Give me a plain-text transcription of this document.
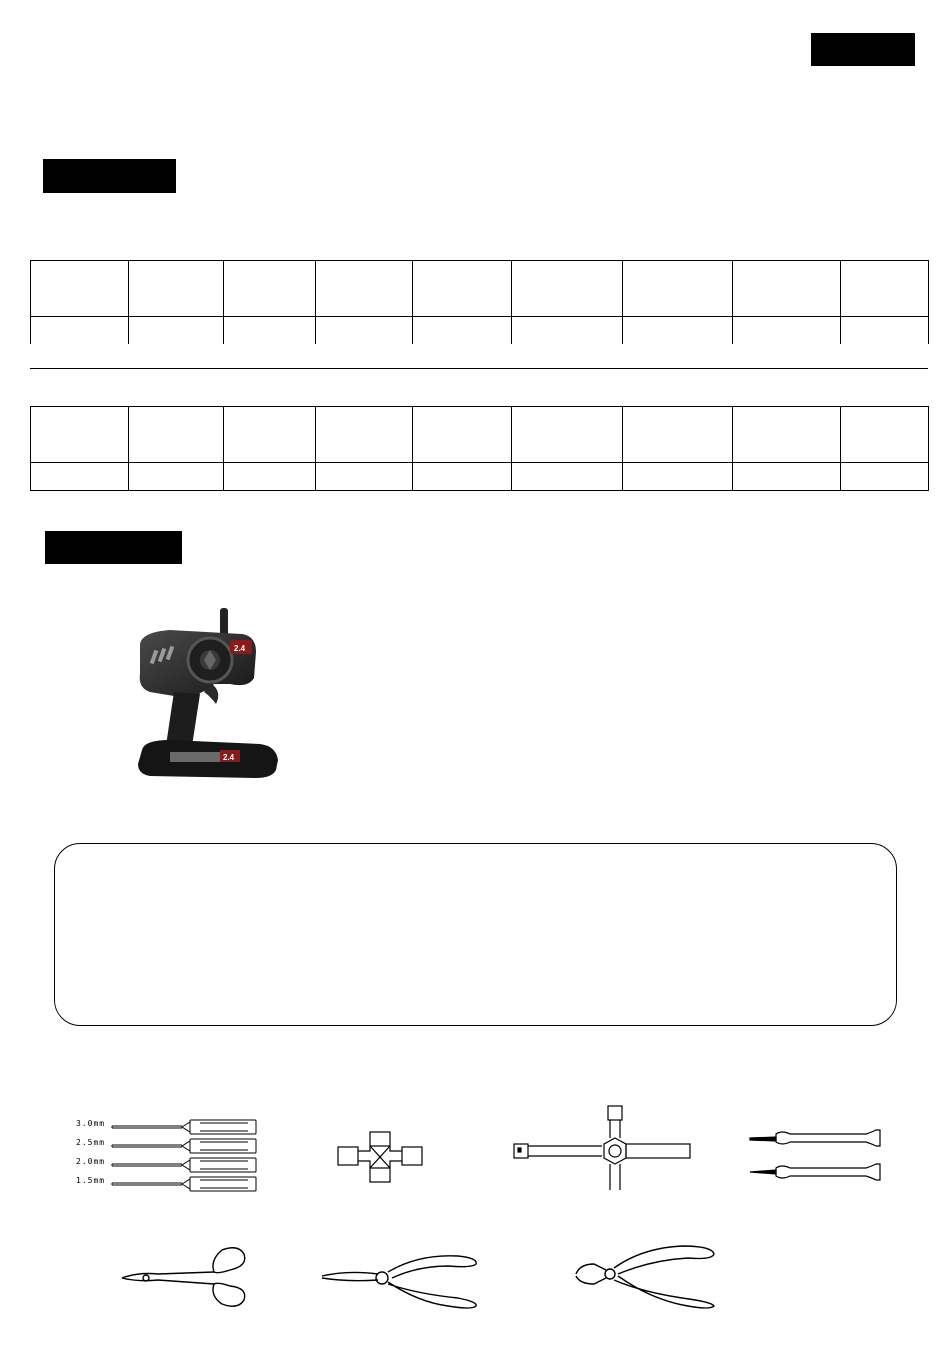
2.4
2.4
3.0mm
2.5mm
2.0mm
1.5mm
